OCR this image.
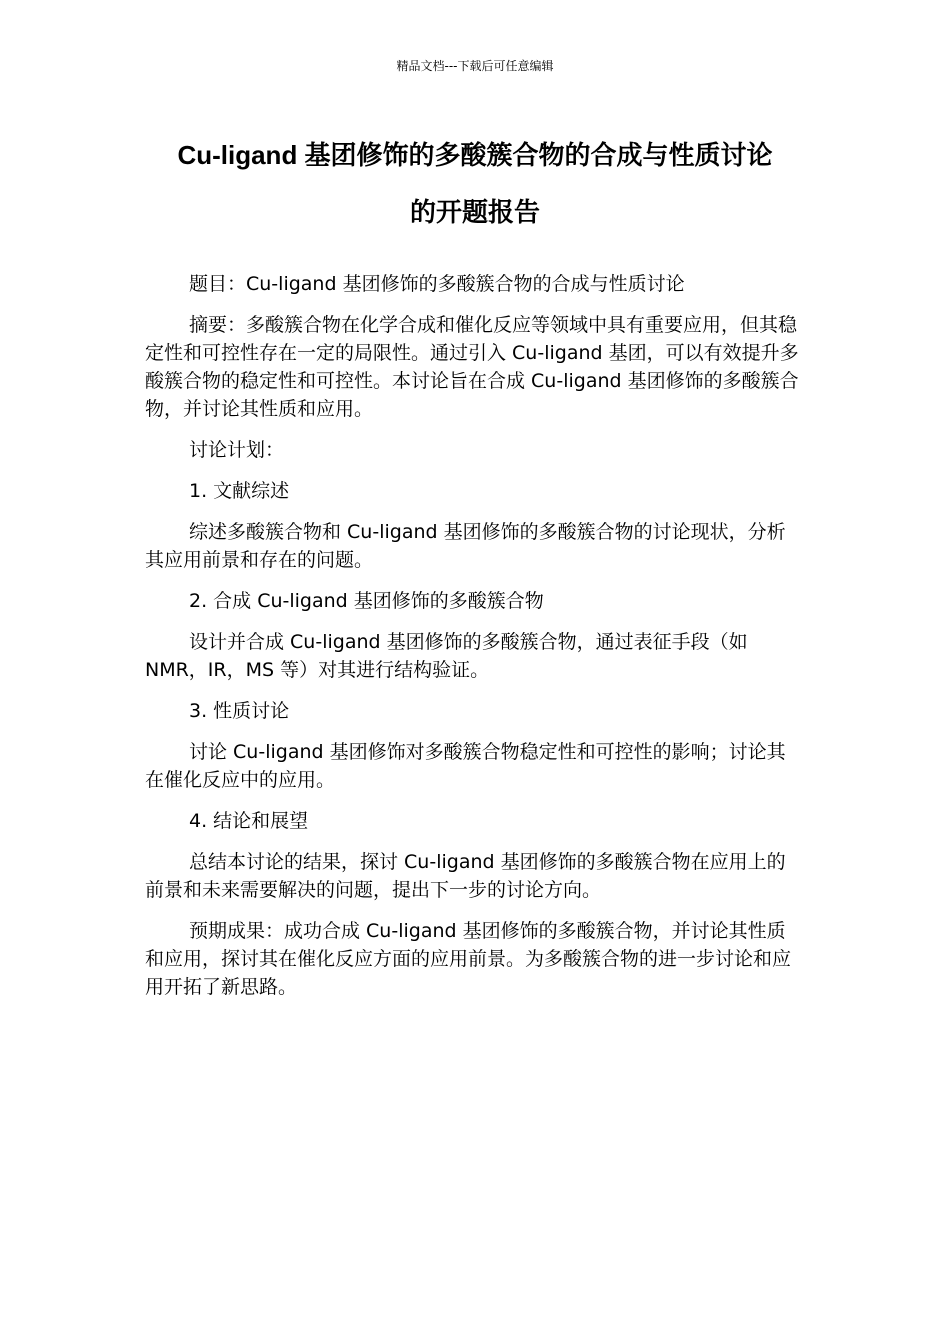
精品文档---下载后可任意编辑
Cu-ligand 基团修饰的多酸簇合物的合成与性质讨论
的开题报告

题目：Cu-ligand 基团修饰的多酸簇合物的合成与性质讨论

摘要：多酸簇合物在化学合成和催化反应等领域中具有重要应用，但其稳定性和可控性存在一定的局限性。通过引入 Cu-ligand 基团，可以有效提升多酸簇合物的稳定性和可控性。本讨论旨在合成 Cu-ligand 基团修饰的多酸簇合物，并讨论其性质和应用。

讨论计划：

1. 文献综述

综述多酸簇合物和 Cu-ligand 基团修饰的多酸簇合物的讨论现状，分析其应用前景和存在的问题。

2. 合成 Cu-ligand 基团修饰的多酸簇合物

设计并合成 Cu-ligand 基团修饰的多酸簇合物，通过表征手段（如 NMR，IR，MS 等）对其进行结构验证。

3. 性质讨论

讨论 Cu-ligand 基团修饰对多酸簇合物稳定性和可控性的影响；讨论其在催化反应中的应用。

4. 结论和展望

总结本讨论的结果，探讨 Cu-ligand 基团修饰的多酸簇合物在应用上的前景和未来需要解决的问题，提出下一步的讨论方向。

预期成果：成功合成 Cu-ligand 基团修饰的多酸簇合物，并讨论其性质和应用，探讨其在催化反应方面的应用前景。为多酸簇合物的进一步讨论和应用开拓了新思路。
